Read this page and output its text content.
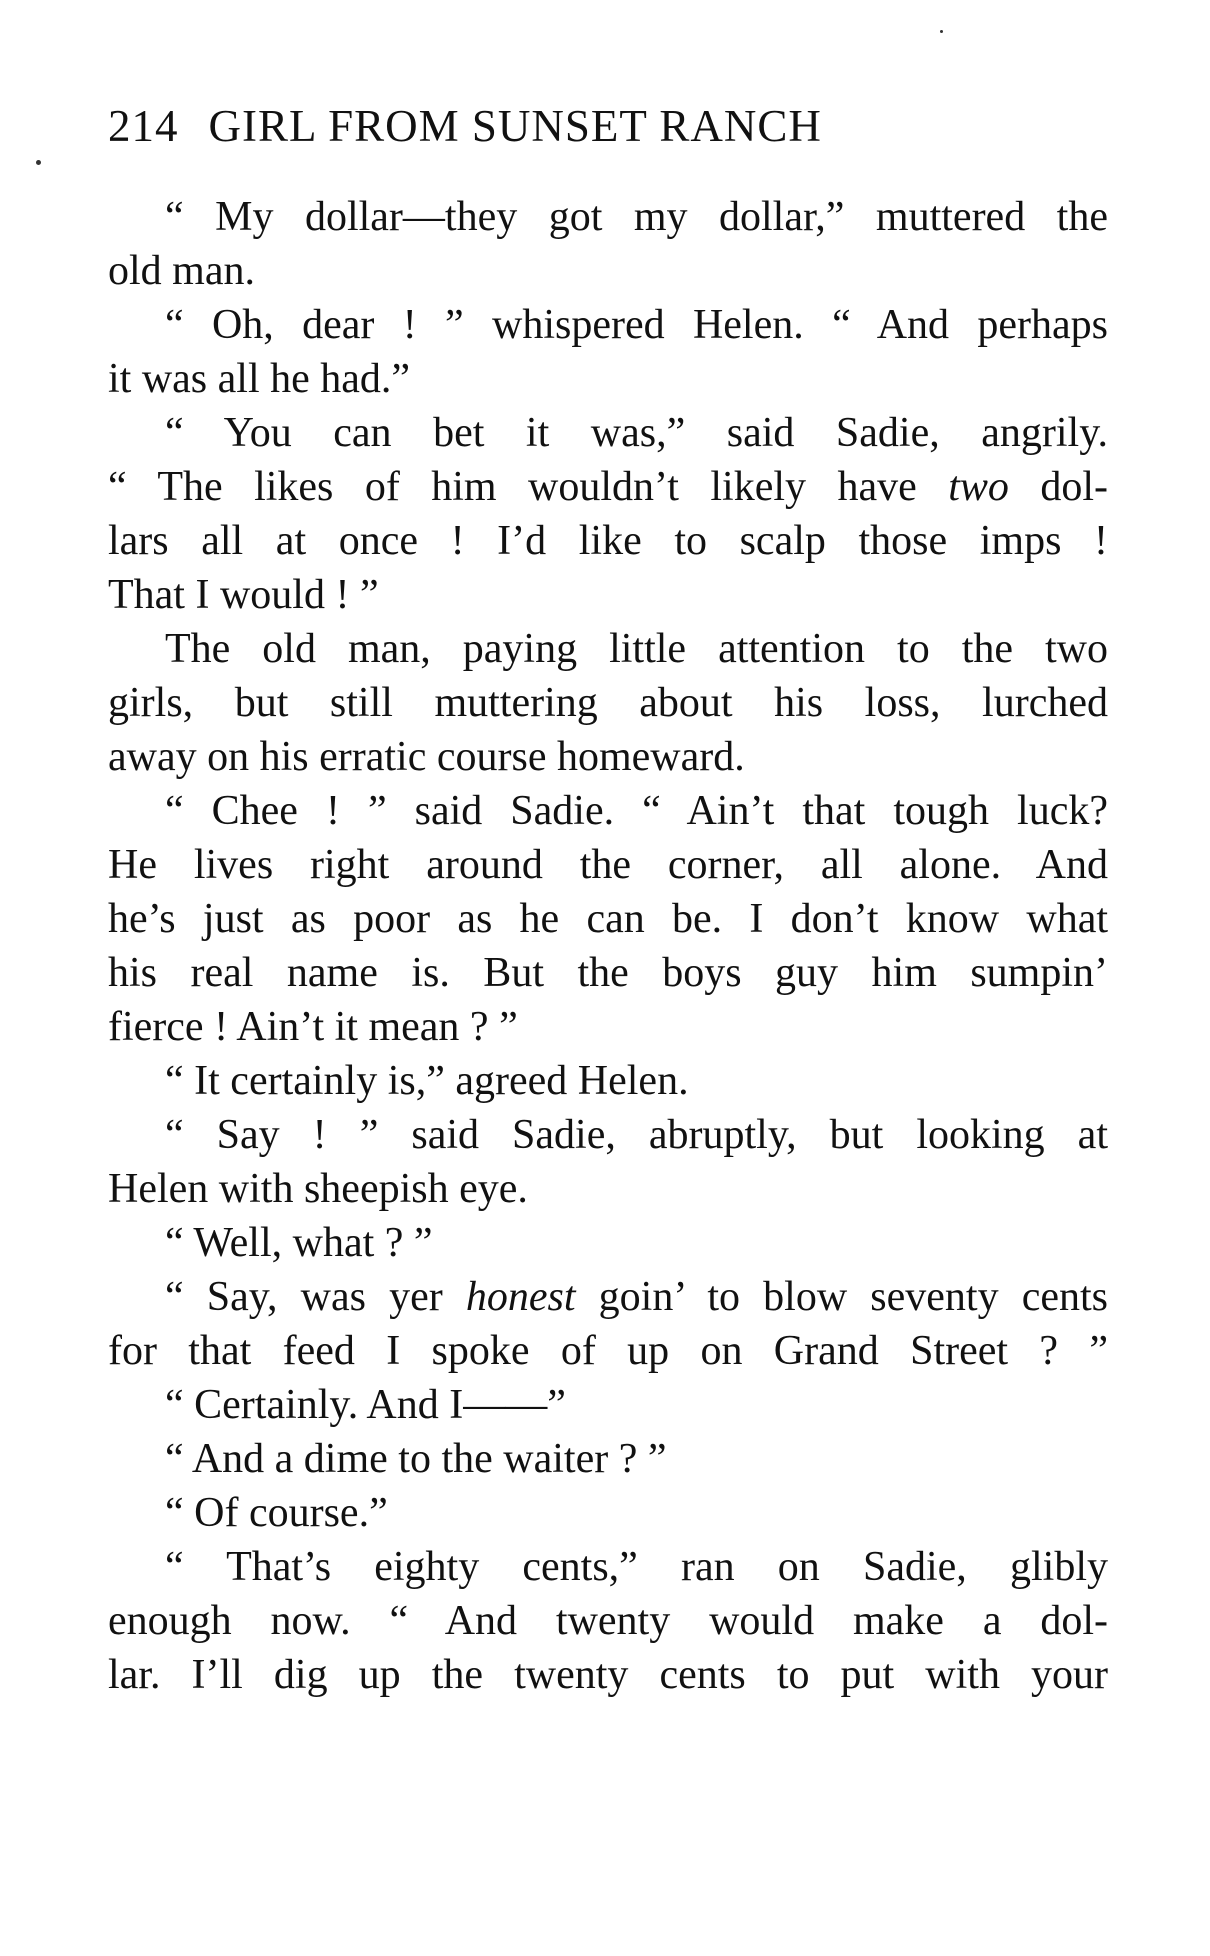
214 GIRL FROM SUNSET RANCH
“ My dollar—they got my dollar,” muttered the
old man.
“ Oh, dear ! ” whispered Helen. “ And perhaps
it was all he had.”
“ You can bet it was,” said Sadie, angrily.
“ The likes of him wouldn’t likely have two dol-
lars all at once ! I’d like to scalp those imps !
That I would ! ”
The old man, paying little attention to the two
girls, but still muttering about his loss, lurched
away on his erratic course homeward.
“ Chee ! ” said Sadie. “ Ain’t that tough luck?
He lives right around the corner, all alone. And
he’s just as poor as he can be. I don’t know what
his real name is. But the boys guy him sumpin’
fierce ! Ain’t it mean ? ”
“ It certainly is,” agreed Helen.
“ Say ! ” said Sadie, abruptly, but looking at
Helen with sheepish eye.
“ Well, what ? ”
“ Say, was yer honest goin’ to blow seventy cents
for that feed I spoke of up on Grand Street ? ”
“ Certainly. And I——”
“ And a dime to the waiter ? ”
“ Of course.”
“ That’s eighty cents,” ran on Sadie, glibly
enough now. “ And twenty would make a dol-
lar. I’ll dig up the twenty cents to put with your
